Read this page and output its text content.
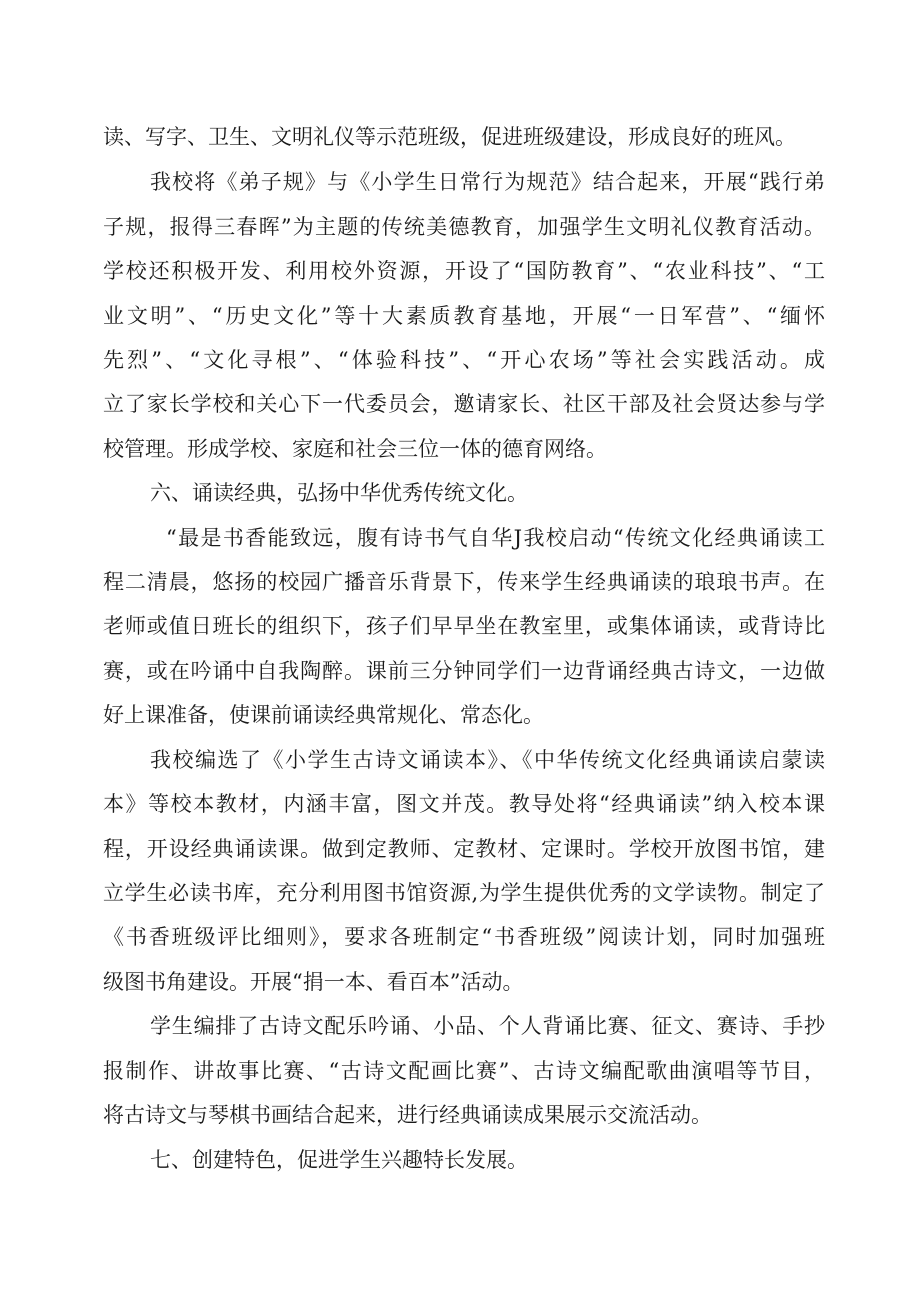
读、写字、卫生、文明礼仪等示范班级，促进班级建设，形成良好的班风。
我校将《弟子规》与《小学生日常行为规范》结合起来，开展“践行弟
子规，报得三春晖”为主题的传统美德教育，加强学生文明礼仪教育活动。
学校还积极开发、利用校外资源，开设了“国防教育”、“农业科技”、“工
业文明”、“历史文化”等十大素质教育基地，开展“一日军营”、“缅怀
先烈”、“文化寻根”、“体验科技”、“开心农场”等社会实践活动。成
立了家长学校和关心下一代委员会，邀请家长、社区干部及社会贤达参与学
校管理。形成学校、家庭和社会三位一体的德育网络。
六、诵读经典，弘扬中华优秀传统文化。
“最是书香能致远，腹有诗书气自华J我校启动“传统文化经典诵读工
程二清晨，悠扬的校园广播音乐背景下，传来学生经典诵读的琅琅书声。在
老师或值日班长的组织下，孩子们早早坐在教室里，或集体诵读，或背诗比
赛，或在吟诵中自我陶醉。课前三分钟同学们一边背诵经典古诗文，一边做
好上课准备，使课前诵读经典常规化、常态化。
我校编选了《小学生古诗文诵读本》、《中华传统文化经典诵读启蒙读
本》等校本教材，内涵丰富，图文并茂。教导处将“经典诵读”纳入校本课
程，开设经典诵读课。做到定教师、定教材、定课时。学校开放图书馆，建
立学生必读书库，充分利用图书馆资源,为学生提供优秀的文学读物。制定了
《书香班级评比细则》，要求各班制定“书香班级”阅读计划，同时加强班
级图书角建设。开展“捐一本、看百本”活动。
学生编排了古诗文配乐吟诵、小品、个人背诵比赛、征文、赛诗、手抄
报制作、讲故事比赛、“古诗文配画比赛”、古诗文编配歌曲演唱等节目，
将古诗文与琴棋书画结合起来，进行经典诵读成果展示交流活动。
七、创建特色，促进学生兴趣特长发展。
